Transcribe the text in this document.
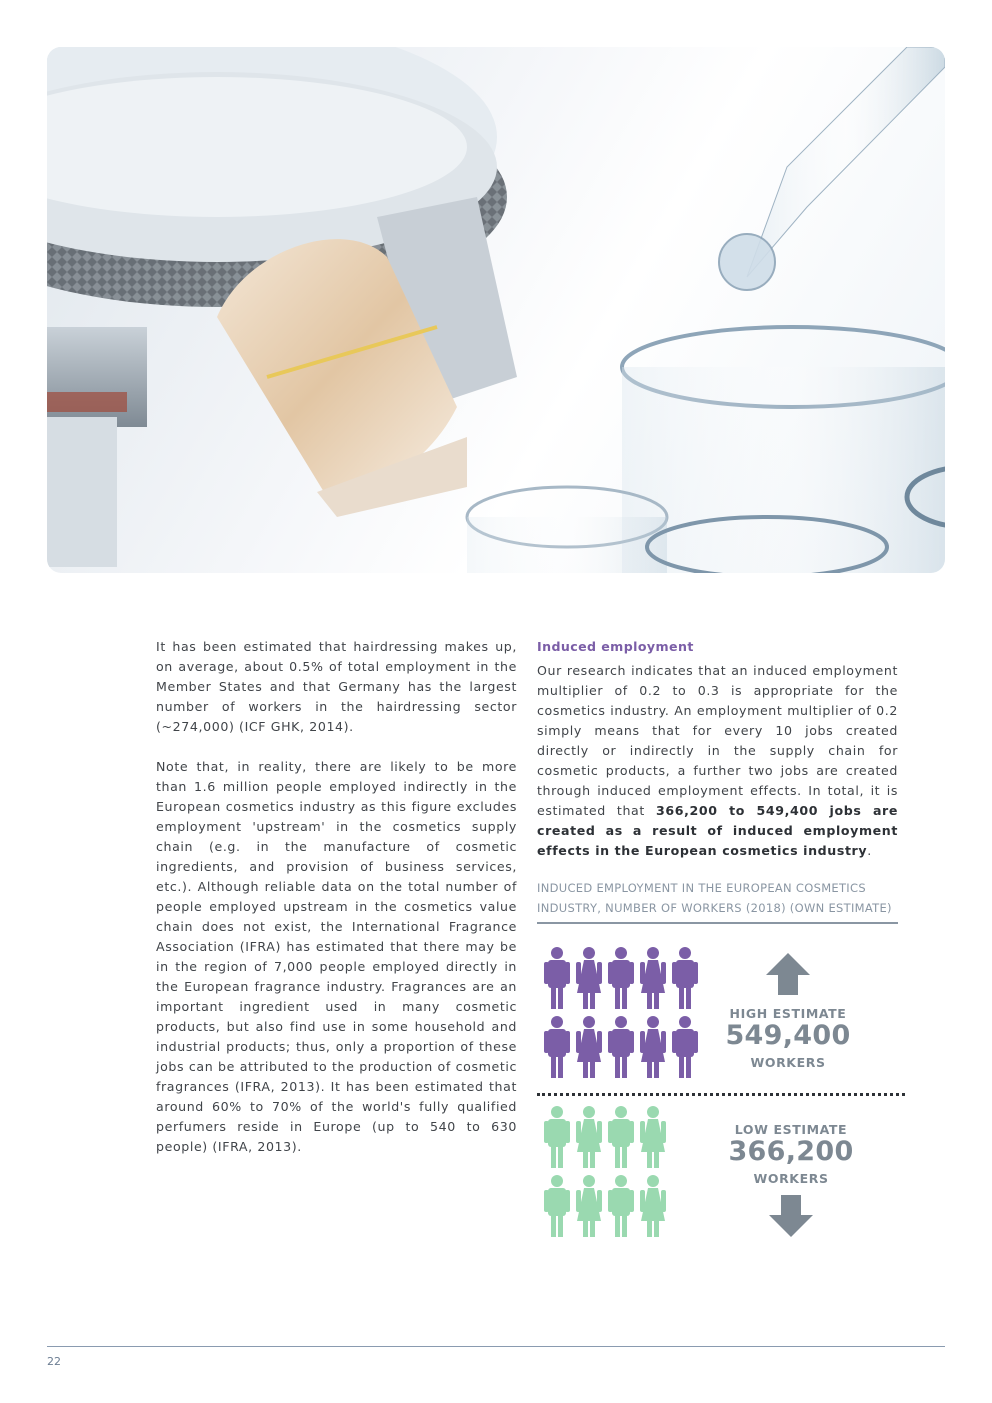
It has been estimated that hairdressing makes up, on average, about 0.5% of total employment in the Member States and that Germany has the largest number of workers in the hairdressing sector (~274,000) (ICF GHK, 2014).

Note that, in reality, there are likely to be more than 1.6 million people employed indirectly in the European cosmetics industry as this figure excludes employment 'upstream' in the cosmetics supply chain (e.g. in the manufacture of cosmetic ingredients, and provision of business services, etc.). Although reliable data on the total number of people employed upstream in the cosmetics value chain does not exist, the International Fragrance Association (IFRA) has estimated that there may be in the region of 7,000 people employed directly in the European fragrance industry. Fragrances are an important ingredient used in many cosmetic products, but also find use in some household and industrial products; thus, only a proportion of these jobs can be attributed to the production of cosmetic fragrances (IFRA, 2013). It has been estimated that around 60% to 70% of the world's fully qualified perfumers reside in Europe (up to 540 to 630 people) (IFRA, 2013).

Induced employment

Our research indicates that an induced employment multiplier of 0.2 to 0.3 is appropriate for the cosmetics industry. An employment multiplier of 0.2 simply means that for every 10 jobs created directly or indirectly in the supply chain for cosmetic products, a further two jobs are created through induced employment effects. In total, it is estimated that 366,200 to 549,400 jobs are created as a result of induced employment effects in the European cosmetics industry.

INDUCED EMPLOYMENT IN THE EUROPEAN COSMETICS INDUSTRY, NUMBER OF WORKERS (2018) (OWN ESTIMATE)
HIGH ESTIMATE
549,400
WORKERS
LOW ESTIMATE
366,200
WORKERS
22
